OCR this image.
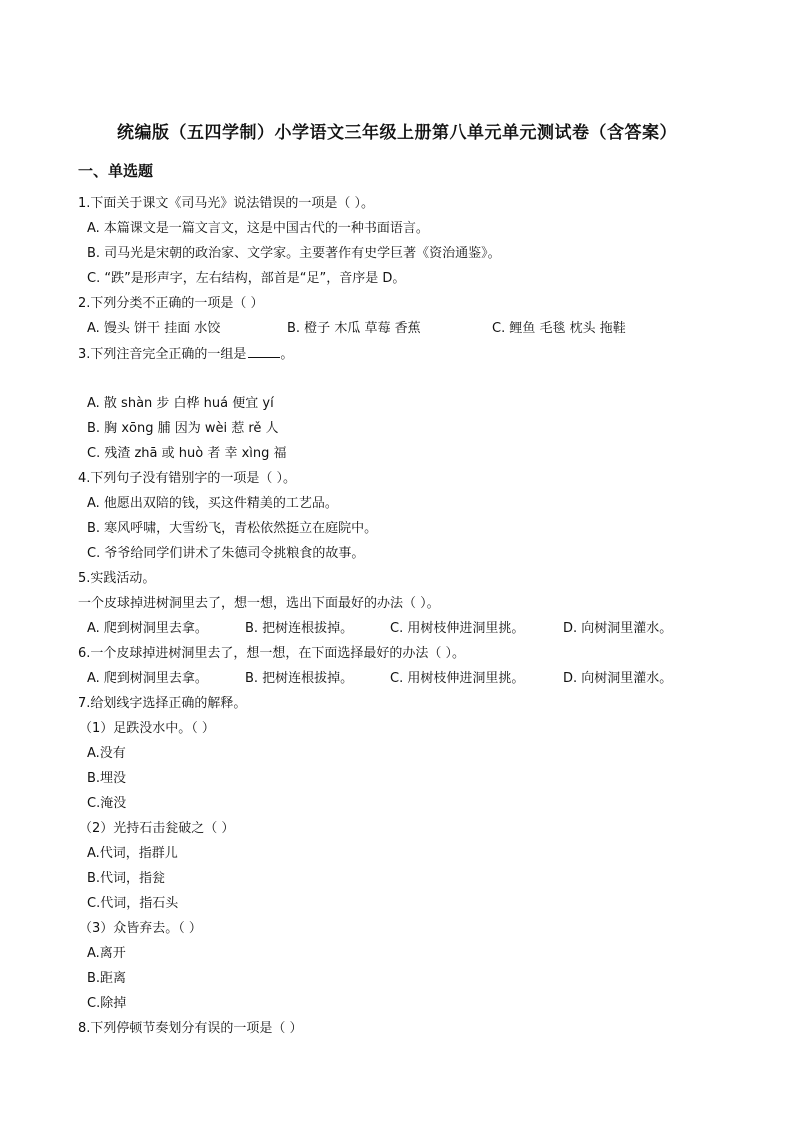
统编版（五四学制）小学语文三年级上册第八单元单元测试卷（含答案）
一、单选题
1.下面关于课文《司马光》说法错误的一项是（ ）。
A. 本篇课文是一篇文言文，这是中国古代的一种书面语言。
B. 司马光是宋朝的政治家、文学家。主要著作有史学巨著《资治通鉴》。
C. “跌”是形声字，左右结构，部首是“足”，音序是 D。
2.下列分类不正确的一项是（ ）
A. 馒头 饼干 挂面 水饺	B. 橙子 木瓜 草莓 香蕉	C. 鲤鱼 毛毯 枕头 拖鞋
3.下列注音完全正确的一组是	。
A. 散 shàn 步 白桦 huá 便宜 yí
B. 胸 xōng 脯 因为 wèi 惹 rě 人
C. 残渣 zhā 或 huò 者 幸 xìng 福
4.下列句子没有错别字的一项是（ ）。
A. 他愿出双陪的钱，买这件精美的工艺品。
B. 寒风呼啸，大雪纷飞，青松依然挺立在庭院中。
C. 爷爷给同学们讲术了朱德司令挑粮食的故事。
5.实践活动。
一个皮球掉进树洞里去了，想一想，选出下面最好的办法（ ）。
A. 爬到树洞里去拿。	B. 把树连根拔掉。	C. 用树枝伸进洞里挑。	D. 向树洞里灌水。
6.一个皮球掉进树洞里去了，想一想，在下面选择最好的办法（ ）。
A. 爬到树洞里去拿。	B. 把树连根拔掉。	C. 用树枝伸进洞里挑。	D. 向树洞里灌水。
7.给划线字选择正确的解释。
（1）足跌没水中。（ ）
A.没有
B.埋没
C.淹没
（2）光持石击瓮破之（ ）
A.代词，指群儿
B.代词，指瓮
C.代词，指石头
（3）众皆弃去。（ ）
A.离开
B.距离
C.除掉
8.下列停顿节奏划分有误的一项是（ ）
